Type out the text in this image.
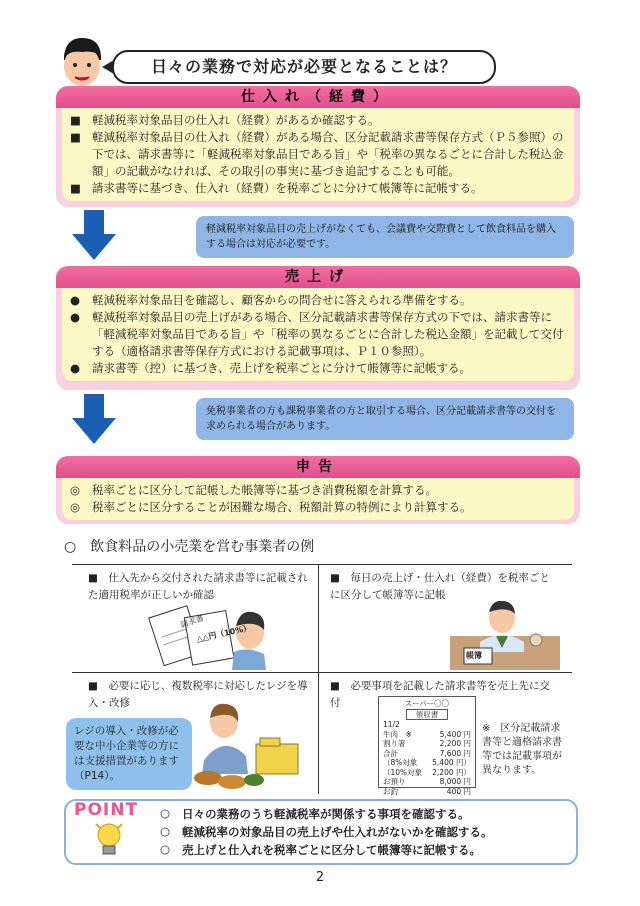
日々の業務で対応が必要となることは？
仕入れ（経費）
■ 軽減税率対象品目の仕入れ（経費）があるか確認する。
■ 軽減税率対象品目の仕入れ（経費）がある場合、区分記載請求書等保存方式（Ｐ５参照）の下では、請求書等に「軽減税率対象品目である旨」や「税率の異なるごとに合計した税込金額」の記載がなければ、その取引の事実に基づき追記することも可能。
■ 請求書等に基づき、仕入れ（経費）を税率ごとに分けて帳簿等に記帳する。
軽減税率対象品目の売上げがなくても、会議費や交際費として飲食料品を購入する場合は対応が必要です。
売上げ
●	軽減税率対象品目を確認し、顧客からの問合せに答えられる準備をする。
●	軽減税率対象品目の売上げがある場合、区分記載請求書等保存方式の下では、請求書等に「軽減税率対象品目である旨」や「税率の異なるごとに合計した税込金額」を記載して交付する（適格請求書等保存方式における記載事項は、Ｐ１０参照）。
●	請求書等（控）に基づき、売上げを税率ごとに分けて帳簿等に記帳する。
免税事業者の方も課税事業者の方と取引する場合、区分記載請求書等の交付を求められる場合があります。
申告
◎	税率ごとに区分して記帳した帳簿等に基づき消費税額を計算する。
◎	税率ごとに区分することが困難な場合、税額計算の特例により計算する。
○　飲食料品の小売業を営む事業者の例
■　 仕入先から交付された請求書等に記載された適用税率が正しいか確認
■　 毎日の売上げ・仕入れ（経費）を税率ごとに区分して帳簿等に記帳
■　 必要に応じ、複数税率に対応したレジを導入・改修
■　 必要事項を記載した請求書等を売上先に交付
請求書
△△円（10%）
帳簿
レジの導入・改修が必要な中小企業等の方には支援措置があります（P14）。
スーパー〇〇
領収書
11/2
牛肉　※	5,400 円
割り箸	2,200 円
合計	7,600 円
（8%対象 5,400 円）
（10%対象 2,200 円）
お預り	8,000 円
お釣	400 円
※　区分記載請求書等と適格請求書等では記載事項が異なります。
POINT ○	日々の業務のうち軽減税率が関係する事項を確認する。
○	軽減税率の対象品目の売上げや仕入れがないかを確認する。
○	売上げと仕入れを税率ごとに区分して帳簿等に記帳する。
2
